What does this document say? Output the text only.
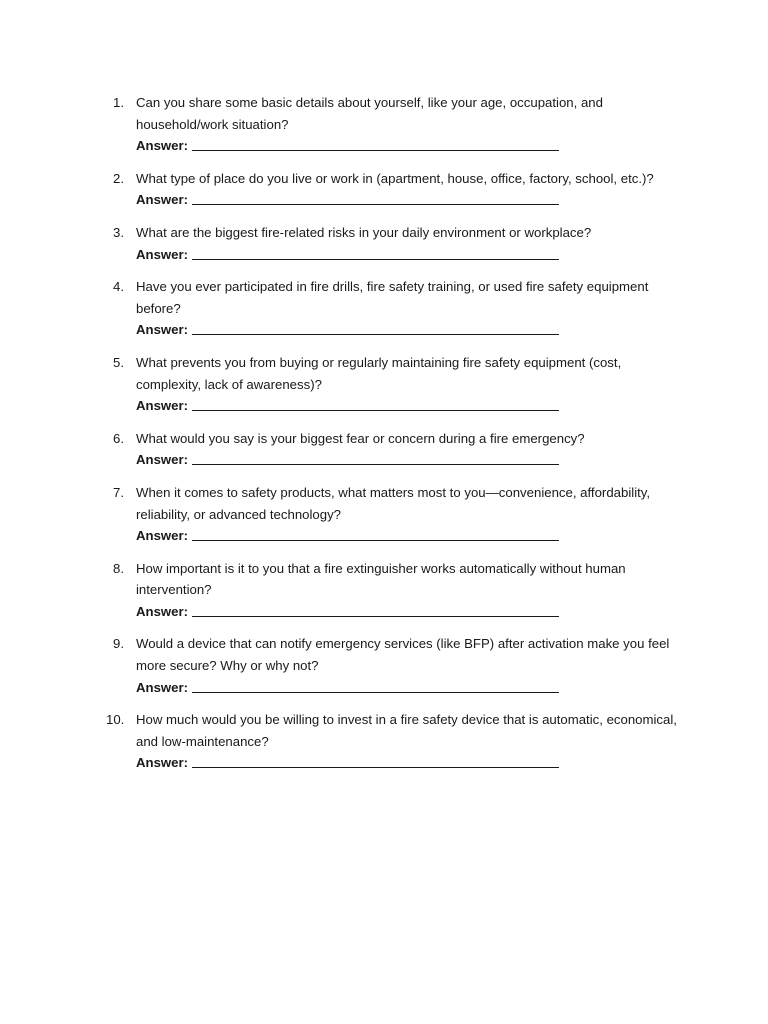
1. Can you share some basic details about yourself, like your age, occupation, and household/work situation?
Answer:
2. What type of place do you live or work in (apartment, house, office, factory, school, etc.)?
Answer:
3. What are the biggest fire-related risks in your daily environment or workplace?
Answer:
4. Have you ever participated in fire drills, fire safety training, or used fire safety equipment before?
Answer:
5. What prevents you from buying or regularly maintaining fire safety equipment (cost, complexity, lack of awareness)?
Answer:
6. What would you say is your biggest fear or concern during a fire emergency?
Answer:
7. When it comes to safety products, what matters most to you—convenience, affordability, reliability, or advanced technology?
Answer:
8. How important is it to you that a fire extinguisher works automatically without human intervention?
Answer:
9. Would a device that can notify emergency services (like BFP) after activation make you feel more secure? Why or why not?
Answer:
10. How much would you be willing to invest in a fire safety device that is automatic, economical, and low-maintenance?
Answer:
